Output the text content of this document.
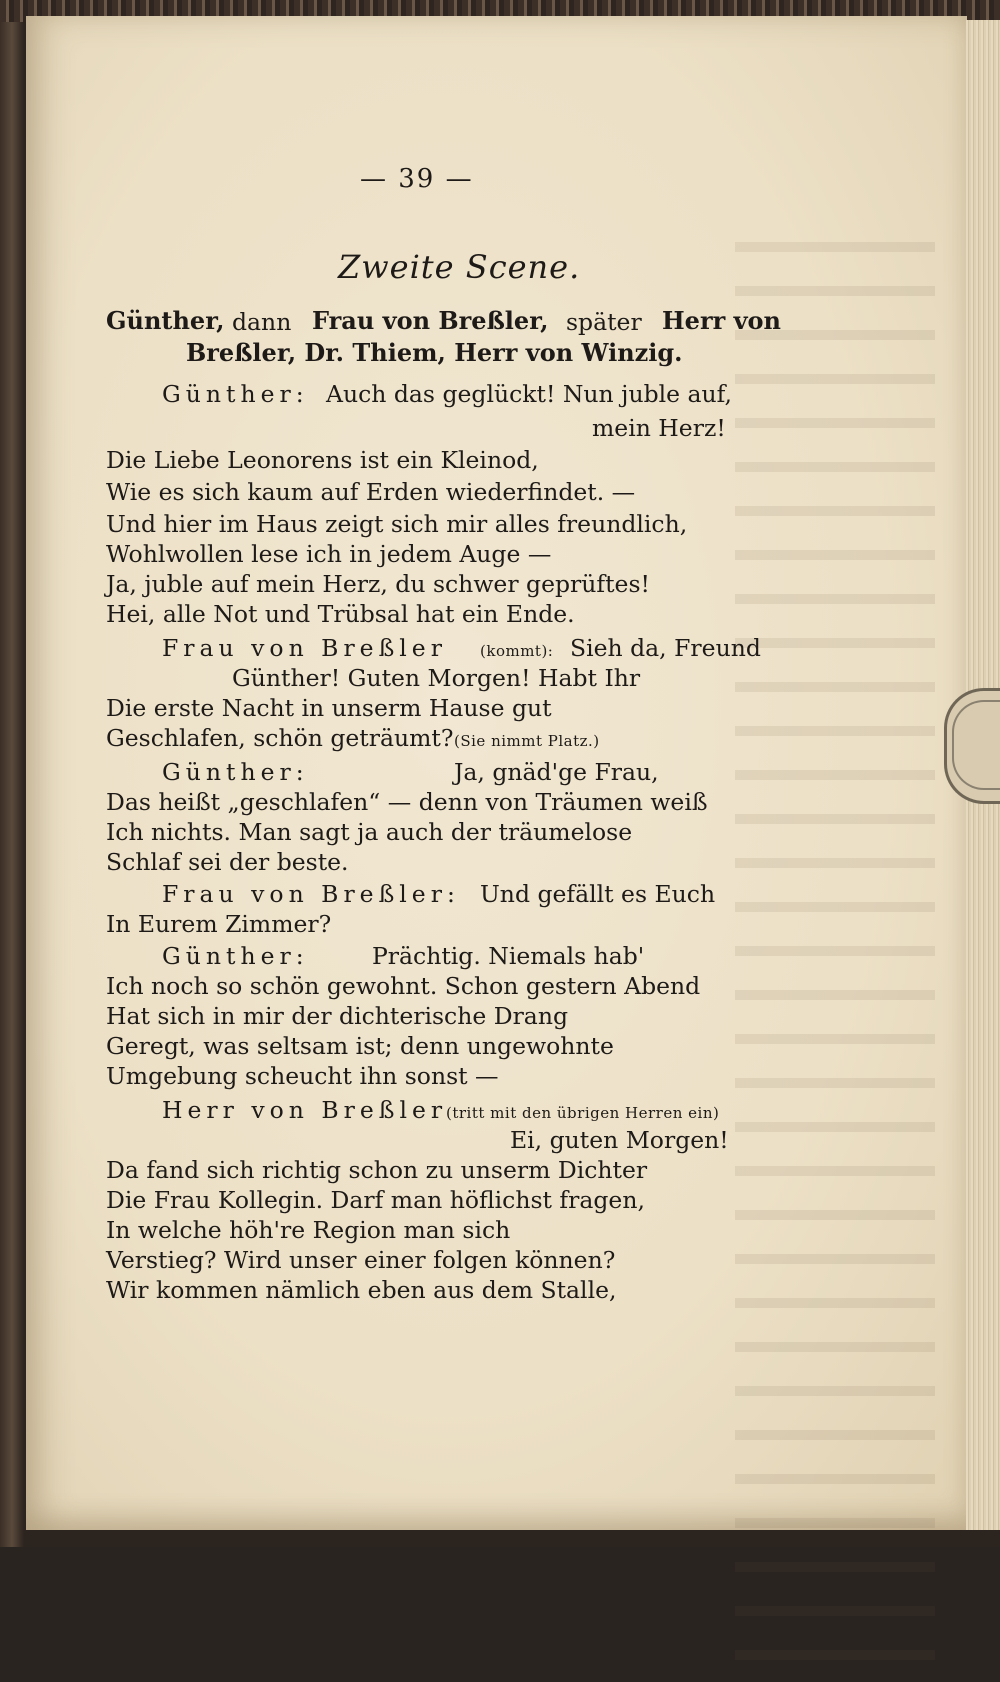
— 39 —
Zweite Scene.
Günther, dann Frau von Breßler, später Herr von
Breßler, Dr. Thiem, Herr von Winzig.
Günther: Auch das geglückt! Nun juble auf,
mein Herz!
Die Liebe Leonorens ist ein Kleinod,
Wie es sich kaum auf Erden wiederfindet. —
Und hier im Haus zeigt sich mir alles freundlich,
Wohlwollen lese ich in jedem Auge —
Ja, juble auf mein Herz, du schwer geprüftes!
Hei, alle Not und Trübsal hat ein Ende.
Frau von Breßler (kommt): Sieh da, Freund
Günther! Guten Morgen! Habt Ihr
Die erste Nacht in unserm Hause gut
Geschlafen, schön geträumt? (Sie nimmt Platz.)
Günther:	Ja, gnäd'ge Frau,
Das heißt „geschlafen“ — denn von Träumen weiß
Ich nichts. Man sagt ja auch der träumelose
Schlaf sei der beste.
Frau von Breßler: Und gefällt es Euch
In Eurem Zimmer?
Günther:	Prächtig. Niemals hab'
Ich noch so schön gewohnt. Schon gestern Abend
Hat sich in mir der dichterische Drang
Geregt, was seltsam ist; denn ungewohnte
Umgebung scheucht ihn sonst —
Herr von Breßler
(tritt mit den übrigen Herren ein)
Ei, guten Morgen!
Da fand sich richtig schon zu unserm Dichter
Die Frau Kollegin. Darf man höflichst fragen,
In welche höh're Region man sich
Verstieg? Wird unser einer folgen können?
Wir kommen nämlich eben aus dem Stalle,
